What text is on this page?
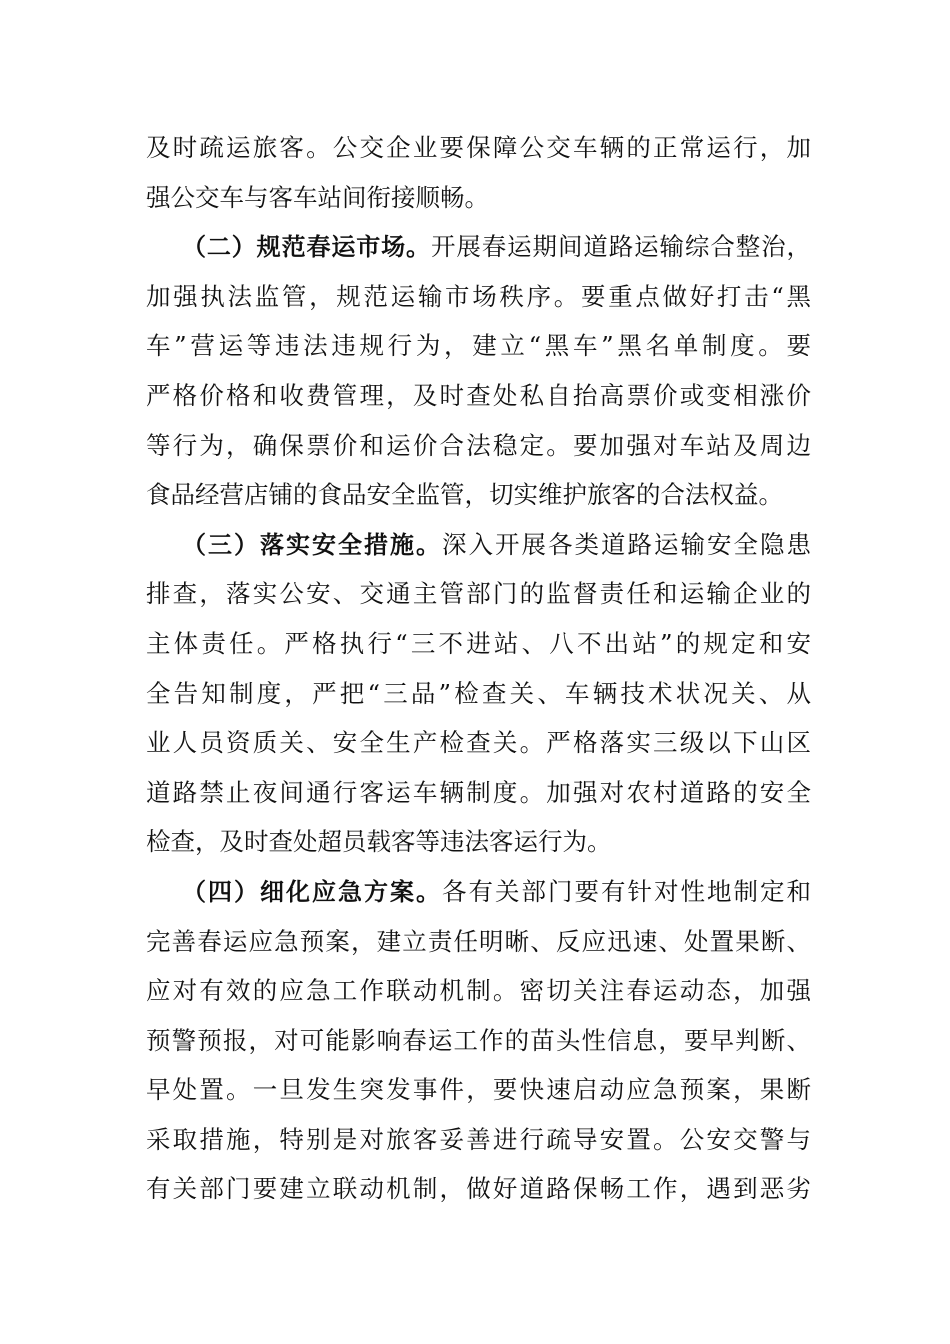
及时疏运旅客。公交企业要保障公交车辆的正常运行，加
强公交车与客车站间衔接顺畅。
（二）规范春运市场。开展春运期间道路运输综合整治，
加强执法监管，规范运输市场秩序。要重点做好打击“黑
车”营运等违法违规行为，建立“黑车”黑名单制度。要
严格价格和收费管理，及时查处私自抬高票价或变相涨价
等行为，确保票价和运价合法稳定。要加强对车站及周边
食品经营店铺的食品安全监管，切实维护旅客的合法权益。
（三）落实安全措施。深入开展各类道路运输安全隐患
排查，落实公安、交通主管部门的监督责任和运输企业的
主体责任。严格执行“三不进站、八不出站”的规定和安
全告知制度，严把“三品”检查关、车辆技术状况关、从
业人员资质关、安全生产检查关。严格落实三级以下山区
道路禁止夜间通行客运车辆制度。加强对农村道路的安全
检查，及时查处超员载客等违法客运行为。
（四）细化应急方案。各有关部门要有针对性地制定和
完善春运应急预案，建立责任明晰、反应迅速、处置果断、
应对有效的应急工作联动机制。密切关注春运动态，加强
预警预报，对可能影响春运工作的苗头性信息，要早判断、
早处置。一旦发生突发事件，要快速启动应急预案，果断
采取措施，特别是对旅客妥善进行疏导安置。公安交警与
有关部门要建立联动机制，做好道路保畅工作，遇到恶劣
